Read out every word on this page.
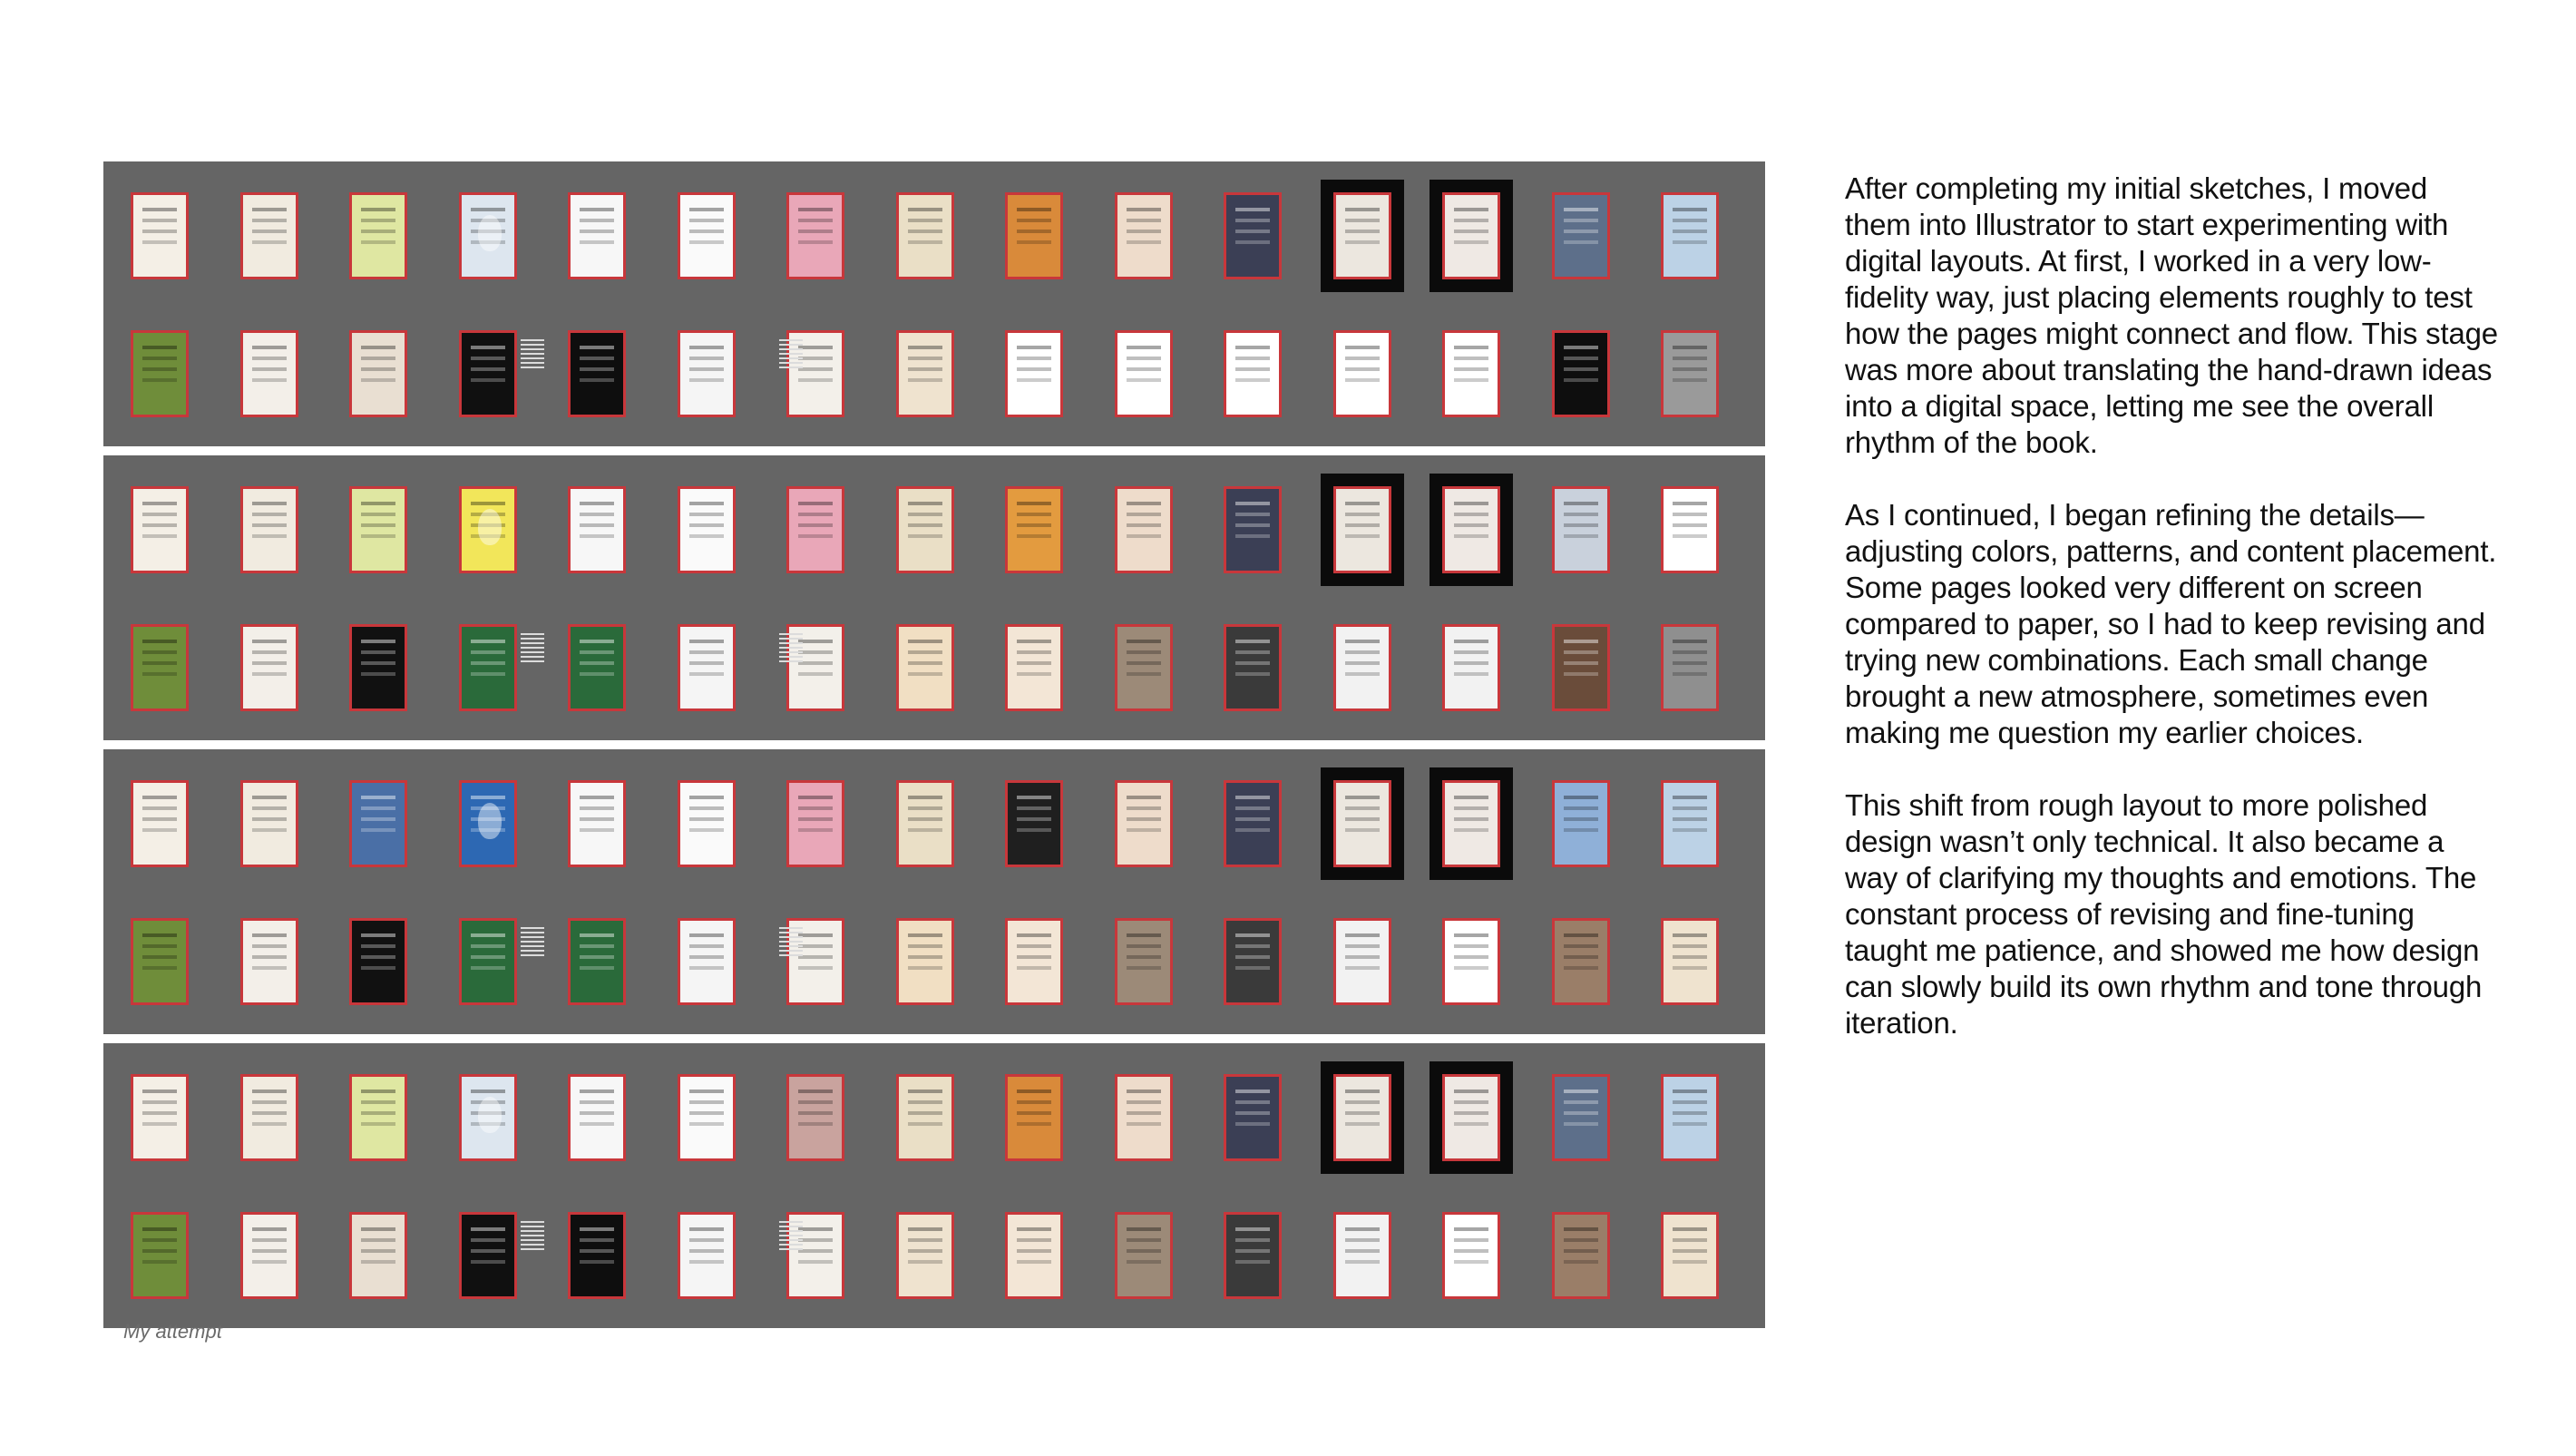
My attempt

After completing my initial sketches, I moved them into Illustrator to start experimenting with digital layouts. At first, I worked in a very low-fidelity way, just placing elements roughly to test how the pages might connect and flow. This stage was more about translating the hand-drawn ideas into a digital space, letting me see the overall rhythm of the book.

As I continued, I began refining the details—adjusting colors, patterns, and content placement. Some pages looked very different on screen compared to paper, so I had to keep revising and trying new combinations. Each small change brought a new atmosphere, sometimes even making me question my earlier choices.

This shift from rough layout to more polished design wasn’t only technical. It also became a way of clarifying my thoughts and emotions. The constant process of revising and fine-tuning taught me patience, and showed me how design can slowly build its own rhythm and tone through iteration.
